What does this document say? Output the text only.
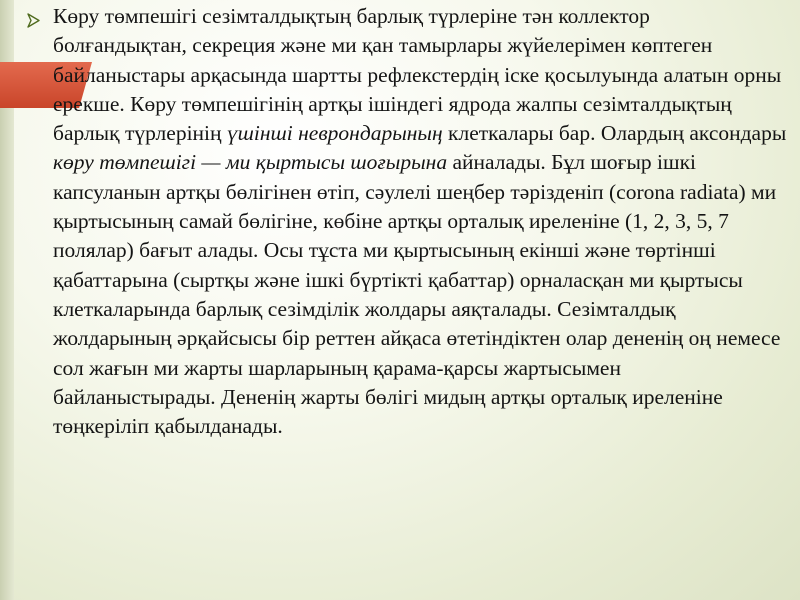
Көру төмпешігі сезімталдықтың барлық түрлеріне тән коллектор болғандықтан, секреция және ми қан тамырлары жүйелерімен көптеген байланыстары арқасында шартты рефлекстердің іске қосылуында алатын орны ерекше. Көру төмпешігінің артқы ішіндегі ядрода жалпы сезімталдықтың барлық түрлерінің үшінші неврондарының клеткалары бар. Олардың аксондары көру төмпешігі — ми қыртысы шоғырына айналады. Бұл шоғыр ішкі капсуланын артқы бөлігінен өтіп, сәулелі шеңбер тәрізденіп (corona radiata) ми қыртысының самай бөлігіне, көбіне артқы орталық иреленіне (1, 2, 3, 5, 7 полялар) бағыт алады. Осы тұста ми қыртысының екінші және төртінші қабаттарына (сыртқы және ішкі бүртікті қабаттар) орналасқан ми қыртысы клеткаларында барлық сезімділік жолдары аяқталады. Сезімталдық жолдарының әрқайсысы бір реттен айқаса өтетіндіктен олар дененің оң немесе сол жағын ми жарты шарларының қарама-қарсы жартысымен байланыстырады. Дененің жарты бөлігі мидың артқы орталық иреленіне төңкеріліп қабылданады.
